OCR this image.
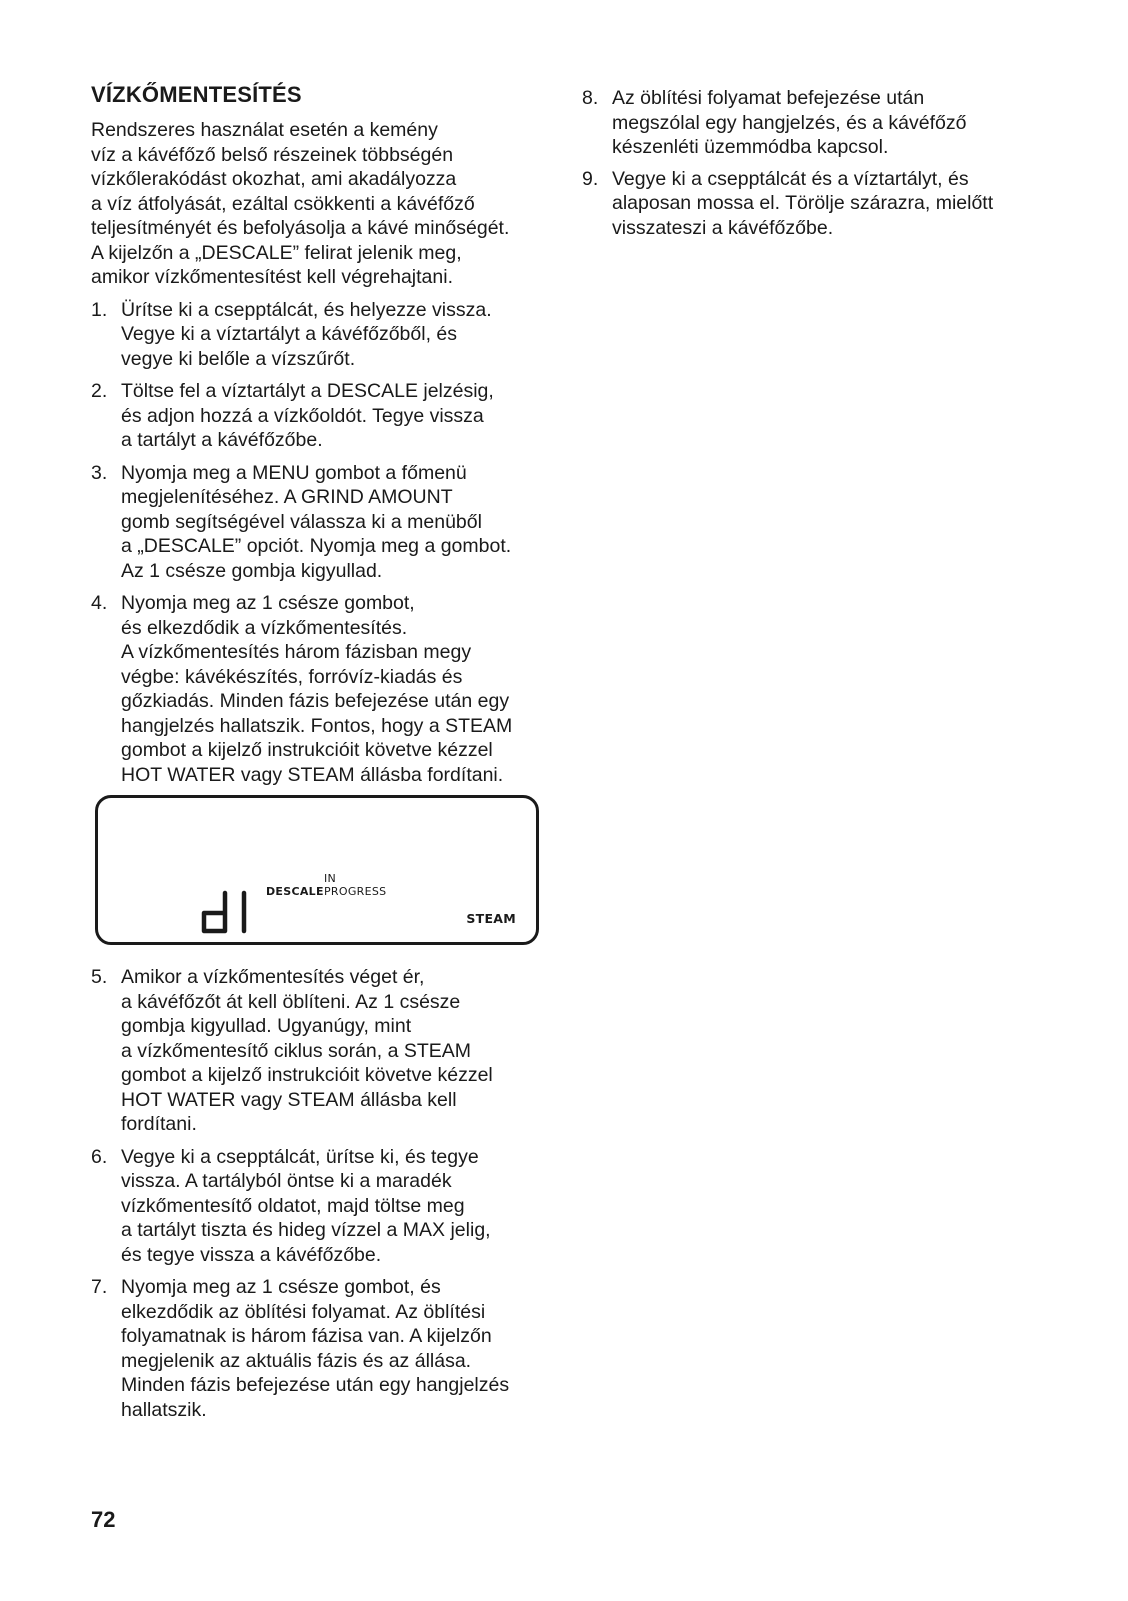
VÍZKŐMENTESÍTÉS

Rendszeres használat esetén a kemény
víz a kávéfőző belső részeinek többségén
vízkőlerakódást okozhat, ami akadályozza
a víz átfolyását, ezáltal csökkenti a kávéfőző
teljesítményét és befolyásolja a kávé minőségét.
A kijelzőn a „DESCALE” felirat jelenik meg,
amikor vízkőmentesítést kell végrehajtani.

1. Ürítse ki a csepptálcát, és helyezze vissza.
Vegye ki a víztartályt a kávéfőzőből, és
vegye ki belőle a vízszűrőt.
2. Töltse fel a víztartályt a DESCALE jelzésig,
és adjon hozzá a vízkőoldót. Tegye vissza
a tartályt a kávéfőzőbe.
3. Nyomja meg a MENU gombot a főmenü
megjelenítéséhez. A GRIND AMOUNT
gomb segítségével válassza ki a menüből
a „DESCALE” opciót. Nyomja meg a gombot.
Az 1 csésze gombja kigyullad.
4. Nyomja meg az 1 csésze gombot,
és elkezdődik a vízkőmentesítés.
A vízkőmentesítés három fázisban megy
végbe: kávékészítés, forróvíz-kiadás és
gőzkiadás. Minden fázis befejezése után egy
hangjelzés hallatszik. Fontos, hogy a STEAM
gombot a kijelző instrukcióit követve kézzel
HOT WATER vagy STEAM állásba fordítani.
IN
DESCALE PROGRESS
STEAM
5. Amikor a vízkőmentesítés véget ér,
a kávéfőzőt át kell öblíteni. Az 1 csésze
gombja kigyullad. Ugyanúgy, mint
a vízkőmentesítő ciklus során, a STEAM
gombot a kijelző instrukcióit követve kézzel
HOT WATER vagy STEAM állásba kell
fordítani.
6. Vegye ki a csepptálcát, ürítse ki, és tegye
vissza. A tartályból öntse ki a maradék
vízkőmentesítő oldatot, majd töltse meg
a tartályt tiszta és hideg vízzel a MAX jelig,
és tegye vissza a kávéfőzőbe.
7. Nyomja meg az 1 csésze gombot, és
elkezdődik az öblítési folyamat. Az öblítési
folyamatnak is három fázisa van. A kijelzőn
megjelenik az aktuális fázis és az állása.
Minden fázis befejezése után egy hangjelzés
hallatszik.
8. Az öblítési folyamat befejezése után
megszólal egy hangjelzés, és a kávéfőző
készenléti üzemmódba kapcsol.
9. Vegye ki a csepptálcát és a víztartályt, és
alaposan mossa el. Törölje szárazra, mielőtt
visszateszi a kávéfőzőbe.
72
